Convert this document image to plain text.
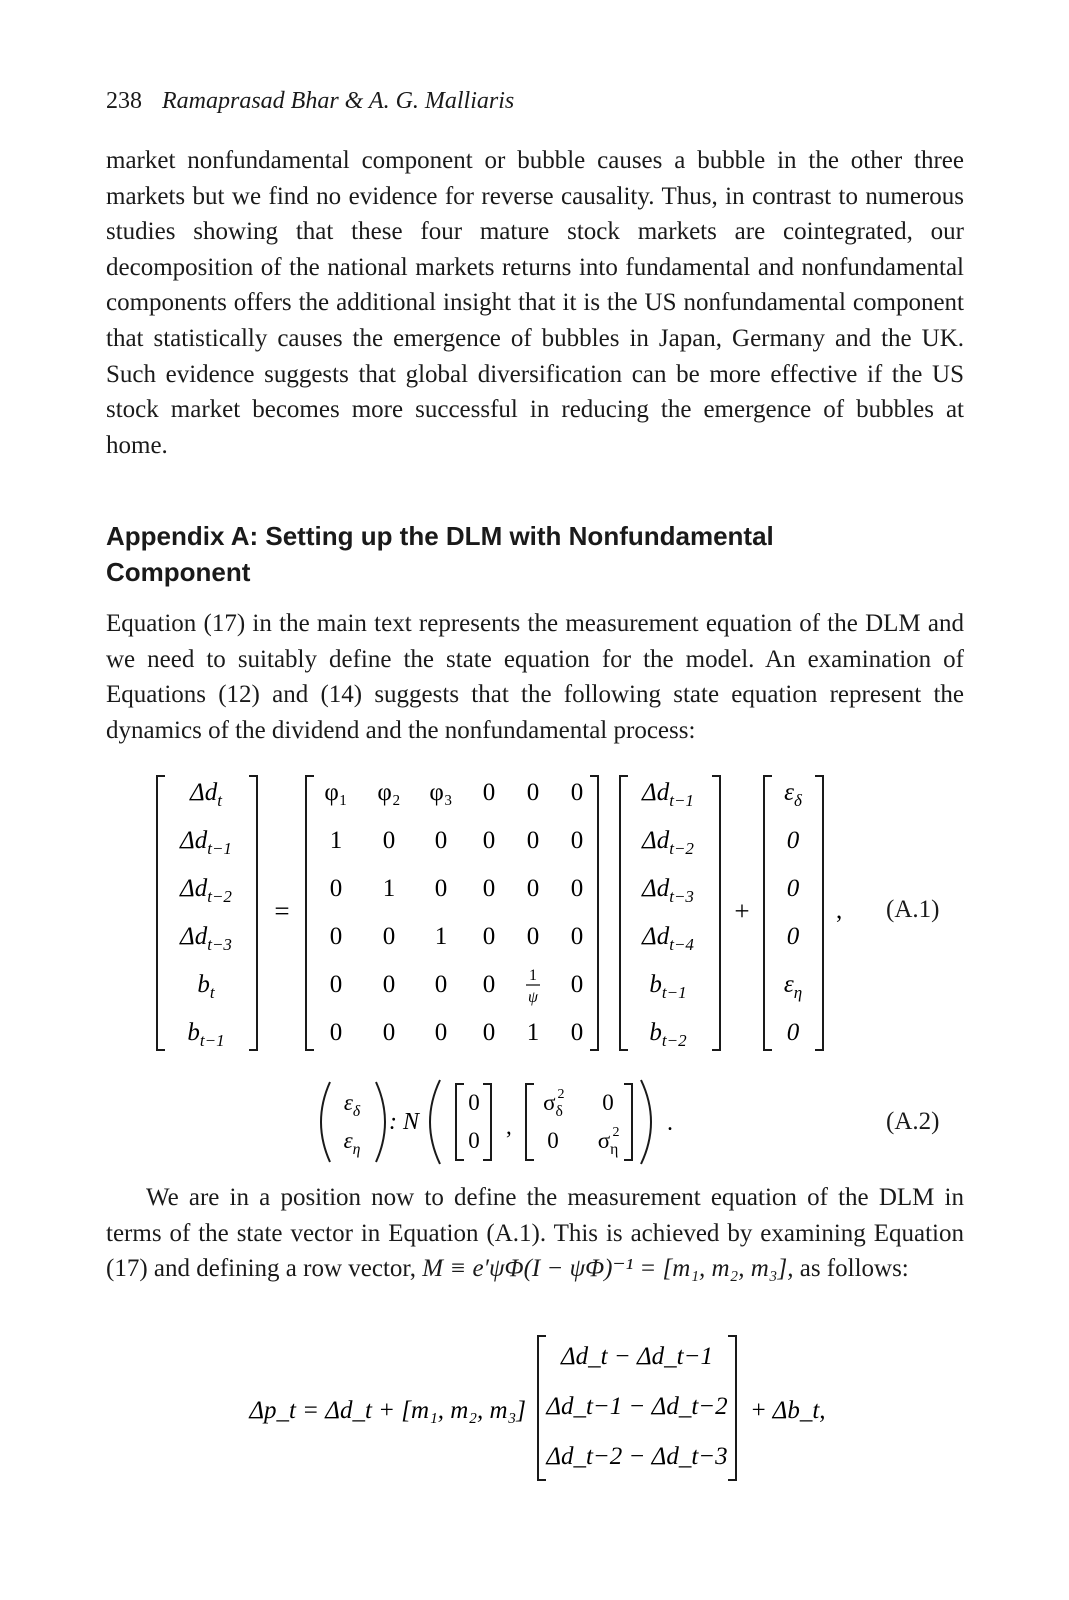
238 Ramaprasad Bhar & A. G. Malliaris
market nonfundamental component or bubble causes a bubble in the other three markets but we find no evidence for reverse causality. Thus, in contrast to numerous studies showing that these four mature stock markets are cointegrated, our decomposition of the national markets returns into fundamental and nonfundamental components offers the additional insight that it is the US nonfundamental component that statistically causes the emergence of bubbles in Japan, Germany and the UK. Such evidence suggests that global diversification can be more effective if the US stock market becomes more successful in reducing the emergence of bubbles at home.
Appendix A: Setting up the DLM with Nonfundamental Component
Equation (17) in the main text represents the measurement equation of the DLM and we need to suitably define the state equation for the model. An examination of Equations (12) and (14) suggests that the following state equation represent the dynamics of the dividend and the nonfundamental process:
$\Delta d_t$
$\Delta d_{t-1}$
$\Delta d_{t-2}$
$\Delta d_{t-3}$
$b_t$
$b_{t-1}$
=
φ₁ φ₂ φ₃ 0 0 0
1 0 0 0 0 0
0 1 0 0 0 0
0 0 1 0 0 0
0 0 0 0 1
ψ 0
0 0 0 0 1 0
$\Delta d_{t-1}$
$\Delta d_{t-2}$
$\Delta d_{t-3}$
$\Delta d_{t-4}$
$b_{t-1}$
$b_{t-2}$
+
$\varepsilon_\delta$
0
0
0
$\varepsilon_\eta$
0
, (A.1)
$\varepsilon_\delta$
$\varepsilon_\eta$
: N
0
0
,
$\sigma_\delta$
2 0
0 $\sigma_\eta$
2 .	(A.2)
We are in a position now to define the measurement equation of the DLM in terms of the state vector in Equation (A.1). This is achieved by examining Equation (17) and defining a row vector, M ≡ e′ψΦ(I − ψΦ)⁻¹ = [m₁, m₂, m₃], as follows:
Δp_t = Δd_t + [m₁, m₂, m₃]
Δd_t − Δd_t−1
Δd_t−1 − Δd_t−2
Δd_t−2 − Δd_t−3
+ Δb_t,
